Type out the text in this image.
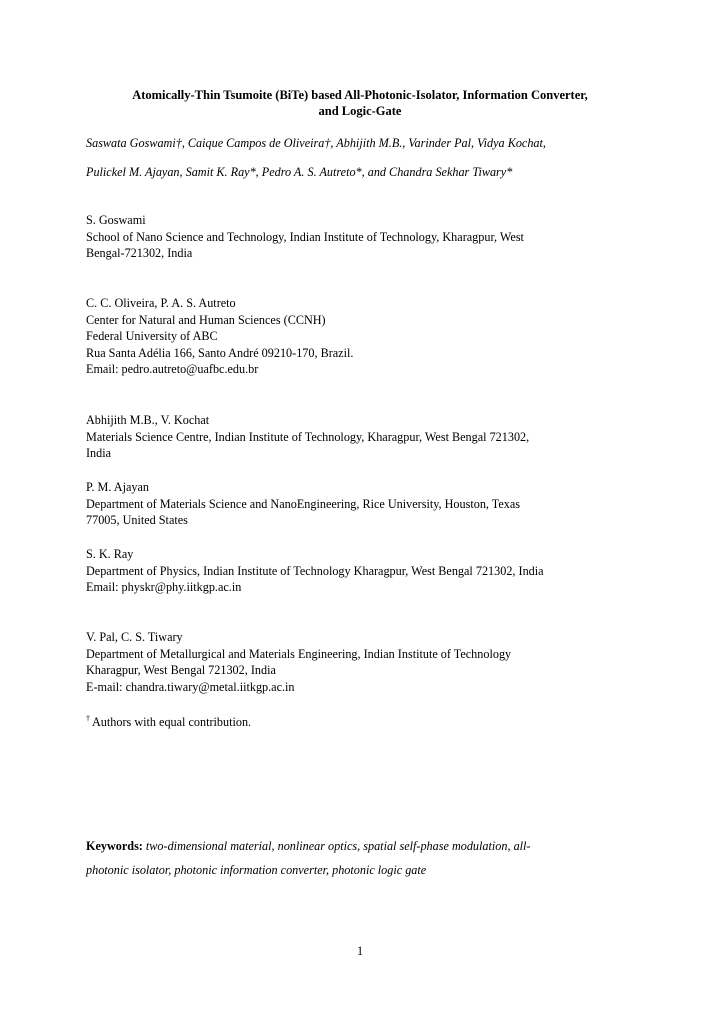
Atomically-Thin Tsumoite (BiTe) based All-Photonic-Isolator, Information Converter,
and Logic-Gate
Saswata Goswami†, Caique Campos de Oliveira†, Abhijith M.B., Varinder Pal, Vidya Kochat,
Pulickel M. Ajayan, Samit K. Ray*, Pedro A. S. Autreto*, and Chandra Sekhar Tiwary*
S. Goswami
School of Nano Science and Technology, Indian Institute of Technology, Kharagpur, West
Bengal-721302, India
C. C. Oliveira, P. A. S. Autreto
Center for Natural and Human Sciences (CCNH)
Federal University of ABC
Rua Santa Adélia 166, Santo André 09210-170, Brazil.
Email: pedro.autreto@uafbc.edu.br
Abhijith M.B., V. Kochat
Materials Science Centre, Indian Institute of Technology, Kharagpur, West Bengal 721302,
India
P. M. Ajayan
Department of Materials Science and NanoEngineering, Rice University, Houston, Texas
77005, United States
S. K. Ray
Department of Physics, Indian Institute of Technology Kharagpur, West Bengal 721302, India
Email: physkr@phy.iitkgp.ac.in
V. Pal, C. S. Tiwary
Department of Metallurgical and Materials Engineering, Indian Institute of Technology
Kharagpur, West Bengal 721302, India
E-mail: chandra.tiwary@metal.iitkgp.ac.in
† Authors with equal contribution.
Keywords: two-dimensional material, nonlinear optics, spatial self-phase modulation, all-
photonic isolator, photonic information converter, photonic logic gate
1
